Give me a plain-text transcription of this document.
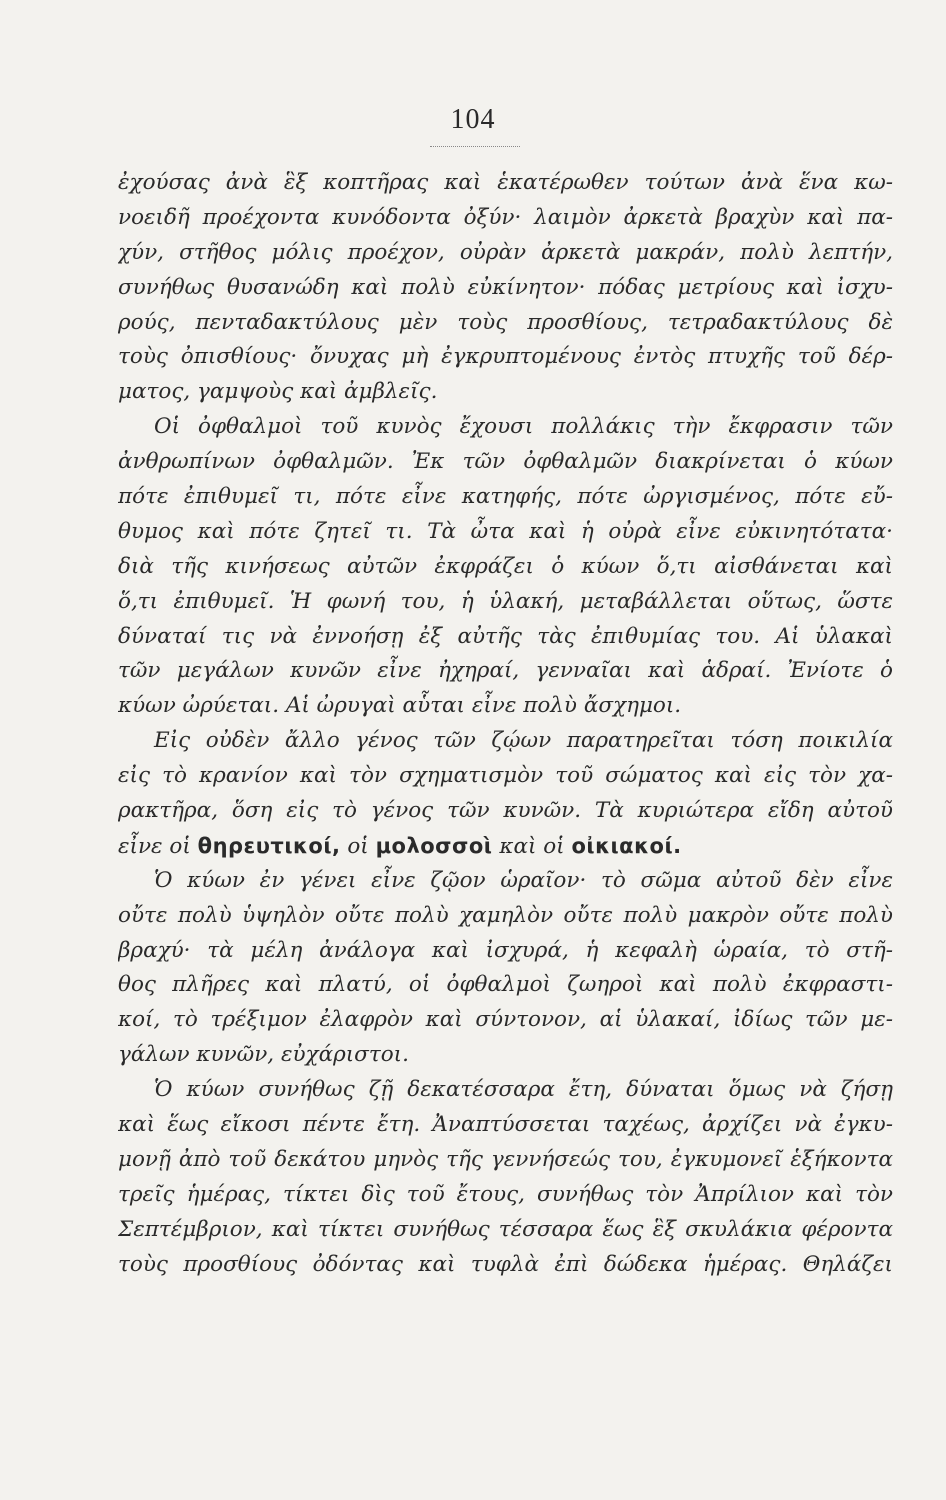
104
ἐχούσας ἀνὰ ἓξ κοπτῆρας καὶ ἑκατέρωθεν τούτων ἀνὰ ἕνα κω-
νοειδῆ προέχοντα κυνόδοντα ὀξύν· λαιμὸν ἀρκετὰ βραχὺν καὶ πα-
χύν, στῆθος μόλις προέχον, οὐρὰν ἀρκετὰ μακράν, πολὺ λεπτήν,
συνήθως θυσανώδη καὶ πολὺ εὐκίνητον· πόδας μετρίους καὶ ἰσχυ-
ρούς, πενταδακτύλους μὲν τοὺς προσθίους, τετραδακτύλους δὲ
τοὺς ὀπισθίους· ὄνυχας μὴ ἐγκρυπτομένους ἐντὸς πτυχῆς τοῦ δέρ-
ματος, γαμψοὺς καὶ ἀμβλεῖς.
Οἱ ὀφθαλμοὶ τοῦ κυνὸς ἔχουσι πολλάκις τὴν ἔκφρασιν τῶν
ἀνθρωπίνων ὀφθαλμῶν. Ἐκ τῶν ὀφθαλμῶν διακρίνεται ὁ κύων
πότε ἐπιθυμεῖ τι, πότε εἶνε κατηφής, πότε ὠργισμένος, πότε εὔ-
θυμος καὶ πότε ζητεῖ τι. Τὰ ὦτα καὶ ἡ οὐρὰ εἶνε εὐκινητότατα·
διὰ τῆς κινήσεως αὐτῶν ἐκφράζει ὁ κύων ὅ,τι αἰσθάνεται καὶ
ὅ,τι ἐπιθυμεῖ. Ἡ φωνή του, ἡ ὑλακή, μεταβάλλεται οὕτως, ὥστε
δύναταί τις νὰ ἐννοήσῃ ἐξ αὐτῆς τὰς ἐπιθυμίας του. Αἱ ὑλακαὶ
τῶν μεγάλων κυνῶν εἶνε ἠχηραί, γενναῖαι καὶ ἁδραί. Ἐνίοτε ὁ
κύων ὠρύεται. Αἱ ὠρυγαὶ αὗται εἶνε πολὺ ἄσχημοι.
Εἰς οὐδὲν ἄλλο γένος τῶν ζῴων παρατηρεῖται τόση ποικιλία
εἰς τὸ κρανίον καὶ τὸν σχηματισμὸν τοῦ σώματος καὶ εἰς τὸν χα-
ρακτῆρα, ὅση εἰς τὸ γένος τῶν κυνῶν. Τὰ κυριώτερα εἴδη αὐτοῦ
εἶνε οἱ θηρευτικοί, οἱ μολοσσοὶ καὶ οἱ οἰκιακοί.
Ὁ κύων ἐν γένει εἶνε ζῷον ὡραῖον· τὸ σῶμα αὐτοῦ δὲν εἶνε
οὔτε πολὺ ὑψηλὸν οὔτε πολὺ χαμηλὸν οὔτε πολὺ μακρὸν οὔτε πολὺ
βραχύ· τὰ μέλη ἀνάλογα καὶ ἰσχυρά, ἡ κεφαλὴ ὡραία, τὸ στῆ-
θος πλῆρες καὶ πλατύ, οἱ ὀφθαλμοὶ ζωηροὶ καὶ πολὺ ἐκφραστι-
κοί, τὸ τρέξιμον ἐλαφρὸν καὶ σύντονον, αἱ ὑλακαί, ἰδίως τῶν με-
γάλων κυνῶν, εὐχάριστοι.
Ὁ κύων συνήθως ζῇ δεκατέσσαρα ἔτη, δύναται ὅμως νὰ ζήσῃ
καὶ ἕως εἴκοσι πέντε ἔτη. Ἀναπτύσσεται ταχέως, ἀρχίζει νὰ ἐγκυ-
μονῇ ἀπὸ τοῦ δεκάτου μηνὸς τῆς γεννήσεώς του, ἐγκυμονεῖ ἑξήκοντα
τρεῖς ἡμέρας, τίκτει δὶς τοῦ ἔτους, συνήθως τὸν Ἀπρίλιον καὶ τὸν
Σεπτέμβριον, καὶ τίκτει συνήθως τέσσαρα ἕως ἓξ σκυλάκια φέροντα
τοὺς προσθίους ὀδόντας καὶ τυφλὰ ἐπὶ δώδεκα ἡμέρας. Θηλάζει
